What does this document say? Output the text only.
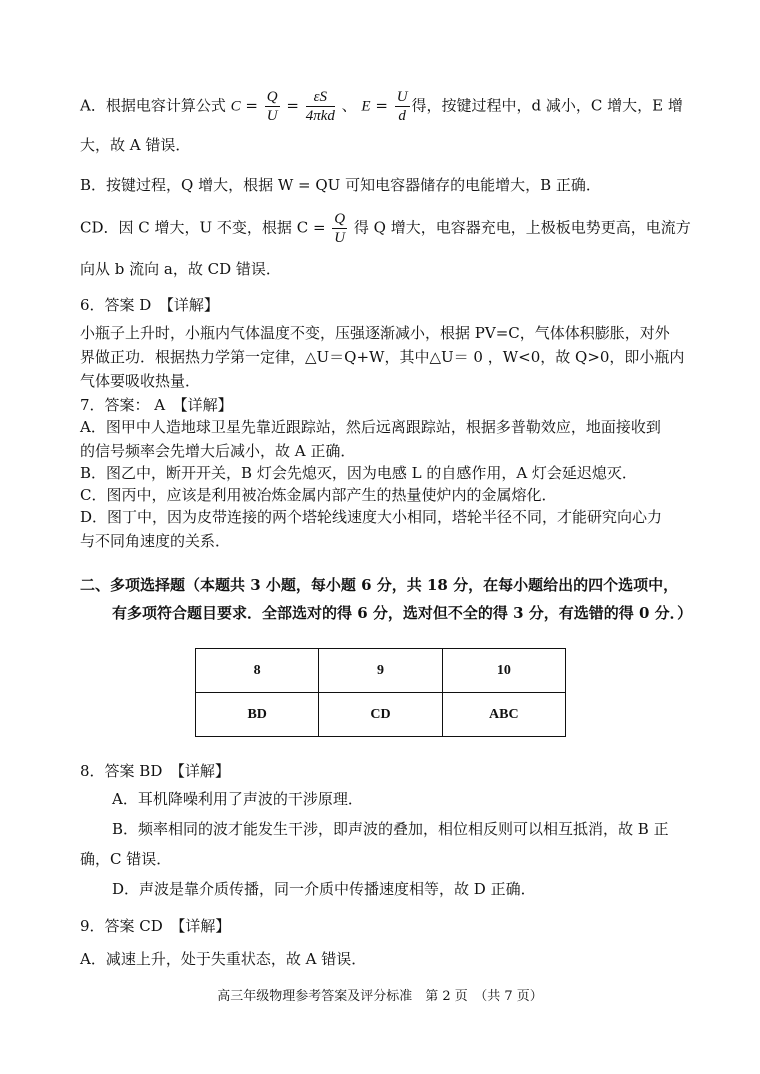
A．根据电容计算公式 $C = \frac{Q}{U} = \frac{\varepsilon S}{\text{4πkd}}$ 、 $E = \frac{U}{d}$ 得，按键过程中，d 减小，C 增大，E 增
大，故 A 错误．
B．按键过程，Q 增大，根据 W = QU 可知电容器储存的电能增大，B 正确．
CD．因 C 增大，U 不变，根据 $C = \frac{Q}{U}$ 得 Q 增大，电容器充电，上极板电势更高，电流方
向从 b 流向 a，故 CD 错误．
6．答案 D　【详解】
小瓶子上升时，小瓶内气体温度不变，压强逐渐减小，根据 PV=C，气体体积膨胀，对外
界做正功．根据热力学第一定律，△U＝Q+W，其中△U＝ 0 ，W<0，故 Q>0，即小瓶内
气体要吸收热量．
7．答案： A　【详解】
A．图甲中人造地球卫星先靠近跟踪站，然后远离跟踪站，根据多普勒效应，地面接收到
的信号频率会先增大后减小，故 A 正确．
B．图乙中，断开开关，B 灯会先熄灭，因为电感 L 的自感作用，A 灯会延迟熄灭．
C．图丙中，应该是利用被冶炼金属内部产生的热量使炉内的金属熔化．
D．图丁中，因为皮带连接的两个塔轮线速度大小相同，塔轮半径不同，才能研究向心力
与不同角速度的关系．
二、多项选择题（本题共 3 小题，每小题 6 分，共 18 分，在每小题给出的四个选项中，
有多项符合题目要求．全部选对的得 6 分，选对但不全的得 3 分，有选错的得 0 分．）
8	9	10
BD	CD	ABC
8．答案 BD　【详解】
A．耳机降噪利用了声波的干涉原理．
B．频率相同的波才能发生干涉，即声波的叠加，相位相反则可以相互抵消，故 B 正
确，C 错误．
D．声波是靠介质传播，同一介质中传播速度相等，故 D 正确．
9．答案 CD　【详解】
A．减速上升，处于失重状态，故 A 错误．
高三年级物理参考答案及评分标准　第 2 页　（共 7 页）
